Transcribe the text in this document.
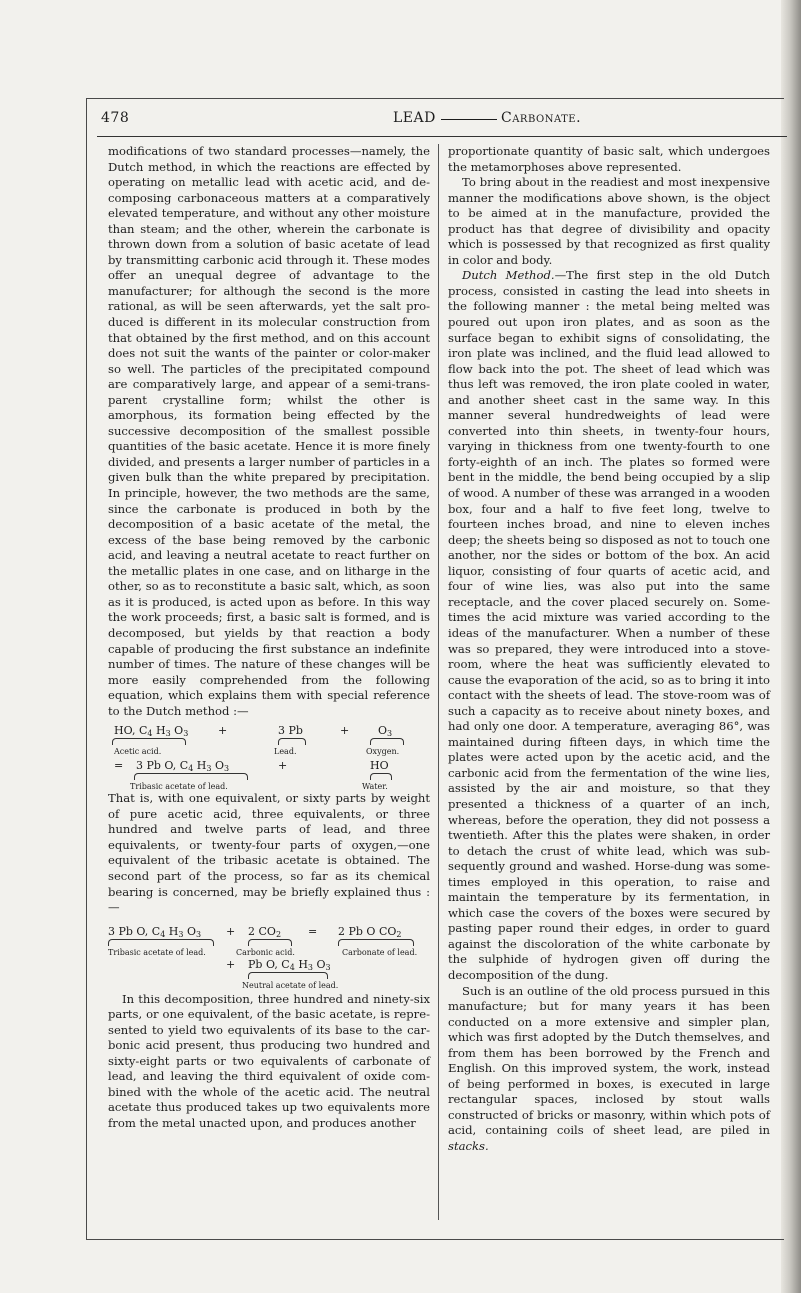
478	LEAD	Carbonate.

modifications of two standard processes—namely, the Dutch method, in which the reactions are effected by operating on metallic lead with acetic acid, and decomposing carbonaceous matters at a comparatively elevated temperature, and without any other moisture than steam; and the other, wherein the carbonate is thrown down from a solution of basic acetate of lead by transmitting carbonic acid through it. These modes offer an unequal degree of advantage to the manufacturer; for although the second is the more rational, as will be seen afterwards, yet the salt produced is different in its molecular construction from that obtained by the first method, and on this account does not suit the wants of the painter or color-maker so well. The particles of the precipitated compound are comparatively large, and appear of a semi-transparent crystalline form; whilst the other is amorphous, its formation being effected by the successive decomposition of the smallest possible quantities of the basic acetate. Hence it is more finely divided, and presents a larger number of particles in a given bulk than the white prepared by precipitation. In principle, however, the two methods are the same, since the carbonate is produced in both by the decomposition of a basic acetate of the metal, the excess of the base being removed by the carbonic acid, and leaving a neutral acetate to react further on the metallic plates in one case, and on litharge in the other, so as to reconstitute a basic salt, which, as soon as it is produced, is acted upon as before. In this way the work proceeds; first, a basic salt is formed, and is decomposed, but yields by that reaction a body capable of producing the first substance an indefinite number of times. The nature of these changes will be more easily comprehended from the following equation, which explains them with special reference to the Dutch method :—

HO, $C_4$ $H_3$ $O_3$	+	3 Pb	+	$O_3$
Acetic acid.	Lead.	Oxygen.
= 3 Pb O, $C_4$ $H_3$ $O_3$	+	HO
Tribasic acetate of lead.	Water.

That is, with one equivalent, or sixty parts by weight of pure acetic acid, three equivalents, or three hundred and twelve parts of lead, and three equivalents, or twenty-four parts of oxygen,—one equivalent of the tribasic acetate is obtained. The second part of the process, so far as its chemical bearing is concerned, may be briefly explained thus :—

3 Pb O, $C_4$ $H_3$ $O_3 + 2$ $CO_2 = 2$ Pb O $CO_2$
Tribasic acetate of lead.	Carbonic acid.	Carbonate of lead.
+ Pb O, $C_4$ $H_3$ $O_3$
Neutral acetate of lead.

In this decomposition, three hundred and ninety-six parts, or one equivalent, of the basic acetate, is represented to yield two equivalents of its base to the carbonic acid present, thus producing two hundred and sixty-eight parts or two equivalents of carbonate of lead, and leaving the third equivalent of oxide combined with the whole of the acetic acid. The neutral acetate thus produced takes up two equivalents more from the metal unacted upon, and produces another

proportionate quantity of basic salt, which undergoes the metamorphoses above represented.

To bring about in the readiest and most inexpensive manner the modifications above shown, is the object to be aimed at in the manufacture, provided the product has that degree of divisibility and opacity which is possessed by that recognized as first quality in color and body.

Dutch Method.—The first step in the old Dutch process, consisted in casting the lead into sheets in the following manner : the metal being melted was poured out upon iron plates, and as soon as the surface began to exhibit signs of consolidating, the iron plate was inclined, and the fluid lead allowed to flow back into the pot. The sheet of lead which was thus left was removed, the iron plate cooled in water, and another sheet cast in the same way. In this manner several hundredweights of lead were converted into thin sheets, in twenty-four hours, varying in thickness from one twenty-fourth to one forty-eighth of an inch. The plates so formed were bent in the middle, the bend being occupied by a slip of wood. A number of these was arranged in a wooden box, four and a half to five feet long, twelve to fourteen inches broad, and nine to eleven inches deep; the sheets being so disposed as not to touch one another, nor the sides or bottom of the box. An acid liquor, consisting of four quarts of acetic acid, and four of wine lies, was also put into the same receptacle, and the cover placed securely on. Sometimes the acid mixture was varied according to the ideas of the manufacturer. When a number of these was so prepared, they were introduced into a stove-room, where the heat was sufficiently elevated to cause the evaporation of the acid, so as to bring it into contact with the sheets of lead. The stove-room was of such a capacity as to receive about ninety boxes, and had only one door. A temperature, averaging 86°, was maintained during fifteen days, in which time the plates were acted upon by the acetic acid, and the carbonic acid from the fermentation of the wine lies, assisted by the air and moisture, so that they presented a thickness of a quarter of an inch, whereas, before the operation, they did not possess a twentieth. After this the plates were shaken, in order to detach the crust of white lead, which was subsequently ground and washed. Horse-dung was sometimes employed in this operation, to raise and maintain the temperature by its fermentation, in which case the covers of the boxes were secured by pasting paper round their edges, in order to guard against the discoloration of the white carbonate by the sulphide of hydrogen given off during the decomposition of the dung.

Such is an outline of the old process pursued in this manufacture; but for many years it has been conducted on a more extensive and simpler plan, which was first adopted by the Dutch themselves, and from them has been borrowed by the French and English. On this improved system, the work, instead of being performed in boxes, is executed in large rectangular spaces, inclosed by stout walls constructed of bricks or masonry, within which pots of acid, containing coils of sheet lead, are piled in stacks.
